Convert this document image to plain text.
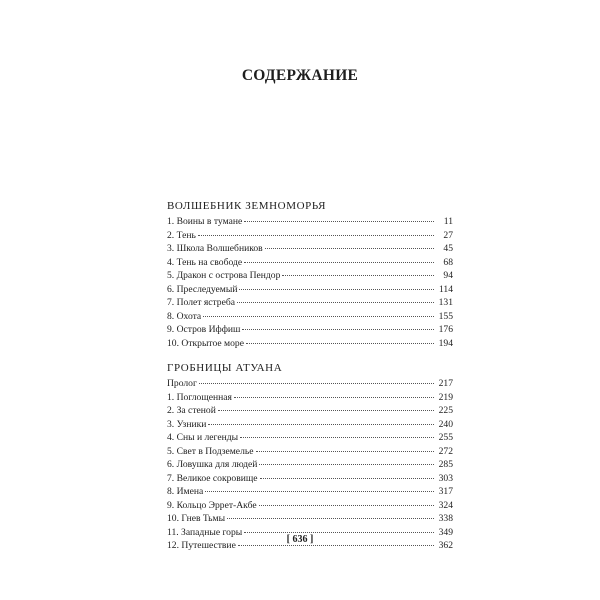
СОДЕРЖАНИЕ
ВОЛШЕБНИК ЗЕМНОМОРЬЯ
1. Воины в тумане	11
2. Тень	27
3. Школа Волшебников	45
4. Тень на свободе	68
5. Дракон с острова Пендор	94
6. Преследуемый	114
7. Полет ястреба	131
8. Охота	155
9. Остров Иффиш	176
10. Открытое море	194
ГРОБНИЦЫ АТУАНА
Пролог	217
1. Поглощенная	219
2. За стеной	225
3. Узники	240
4. Сны и легенды	255
5. Свет в Подземелье	272
6. Ловушка для людей	285
7. Великое сокровище	303
8. Имена	317
9. Кольцо Эррет-Акбе	324
10. Гнев Тьмы	338
11. Западные горы	349
12. Путешествие	362
[ 636 ]
